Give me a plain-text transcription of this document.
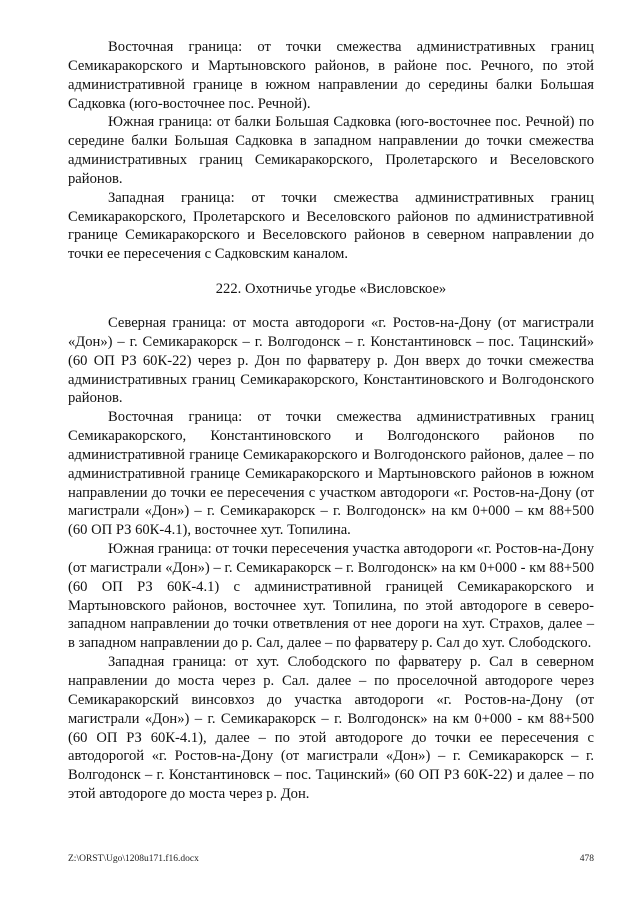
Восточная граница: от точки смежества административных границ Семикаракорского и Мартыновского районов, в районе пос. Речного, по этой административной границе в южном направлении до середины балки Большая Садковка (юго-восточнее пос. Речной).

Южная граница: от балки Большая Садковка (юго-восточнее пос. Речной) по середине балки Большая Садковка в западном направлении до точки смежества административных границ Семикаракорского, Пролетарского и Веселовского районов.

Западная граница: от точки смежества административных границ Семикаракорского, Пролетарского и Веселовского районов по административной границе Семикаракорского и Веселовского районов в северном направлении до точки ее пересечения с Садковским каналом.

222. Охотничье угодье «Висловское»

Северная граница: от моста автодороги «г. Ростов-на-Дону (от магистрали «Дон») – г. Семикаракорск – г. Волгодонск – г. Константиновск – пос. Тацинский» (60 ОП РЗ 60К-22) через р. Дон по фарватеру р. Дон вверх до точки смежества административных границ Семикаракорского, Константиновского и Волгодонского районов.

Восточная граница: от точки смежества административных границ Семикаракорского, Константиновского и Волгодонского районов по административной границе Семикаракорского и Волгодонского районов, далее – по административной границе Семикаракорского и Мартыновского районов в южном направлении до точки ее пересечения с участком автодороги «г. Ростов-на-Дону (от магистрали «Дон») – г. Семикаракорск – г. Волгодонск» на км 0+000 – км 88+500 (60 ОП РЗ 60К-4.1), восточнее хут. Топилина.

Южная граница: от точки пересечения участка автодороги «г. Ростов-на-Дону (от магистрали «Дон») – г. Семикаракорск – г. Волгодонск» на км 0+000 - км 88+500 (60 ОП РЗ 60К-4.1) с административной границей Семикаракорского и Мартыновского районов, восточнее хут. Топилина, по этой автодороге в северо-западном направлении до точки ответвления от нее дороги на хут. Страхов, далее – в западном направлении до р. Сал, далее – по фарватеру р. Сал до хут. Слободского.

Западная граница: от хут. Слободского по фарватеру р. Сал в северном направлении до моста через р. Сал. далее – по проселочной автодороге через Семикаракорский винсовхоз до участка автодороги «г. Ростов-на-Дону (от магистрали «Дон») – г. Семикаракорск – г. Волгодонск» на км 0+000 - км 88+500 (60 ОП РЗ 60К-4.1), далее – по этой автодороге до точки ее пересечения с автодорогой «г. Ростов-на-Дону (от магистрали «Дон») – г. Семикаракорск – г. Волгодонск – г. Константиновск – пос. Тацинский» (60 ОП РЗ 60К-22) и далее – по этой автодороге до моста через р. Дон.

Z:\ORST\Ugo\1208u171.f16.docx	478
